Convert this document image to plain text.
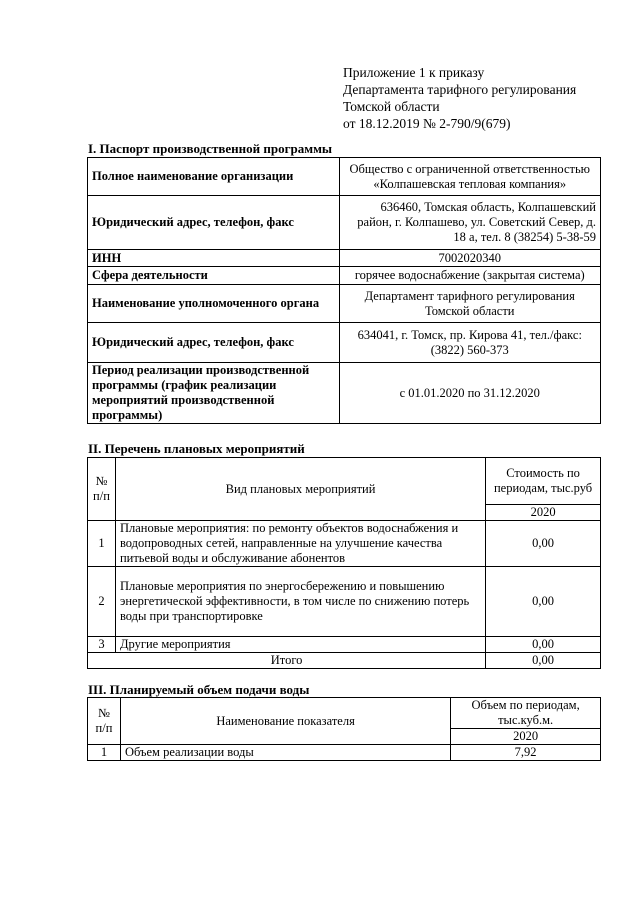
Приложение 1 к приказу
Департамента тарифного регулирования
Томской области
от 18.12.2019 № 2-790/9(679)
I. Паспорт производственной программы
Полное наименование организации	Общество с ограниченной ответственностью «Колпашевская тепловая компания»
Юридический адрес, телефон, факс	636460, Томская область, Колпашевский район, г. Колпашево, ул. Советский Север, д. 18 а, тел. 8 (38254) 5-38-59
ИНН	7002020340
Сфера деятельности	горячее водоснабжение (закрытая система)
Наименование уполномоченного органа	Департамент тарифного регулирования Томской области
Юридический адрес, телефон, факс	634041, г. Томск, пр. Кирова 41, тел./факс: (3822) 560-373
Период реализации производственной программы (график реализации мероприятий производственной программы)	с 01.01.2020 по 31.12.2020
II. Перечень плановых мероприятий
№ п/п	Вид плановых мероприятий	Стоимость по периодам, тыс.руб
		2020
1	Плановые мероприятия: по ремонту объектов водоснабжения и водопроводных сетей, направленные на улучшение качества питьевой воды и обслуживание абонентов	0,00
2	Плановые мероприятия по энергосбережению и повышению энергетической эффективности, в том числе по снижению потерь воды при транспортировке	0,00
3	Другие мероприятия	0,00
Итого		0,00
III. Планируемый объем подачи воды
№ п/п	Наименование показателя	Объем по периодам, тыс.куб.м.
		2020
1	Объем реализации воды	7,92
